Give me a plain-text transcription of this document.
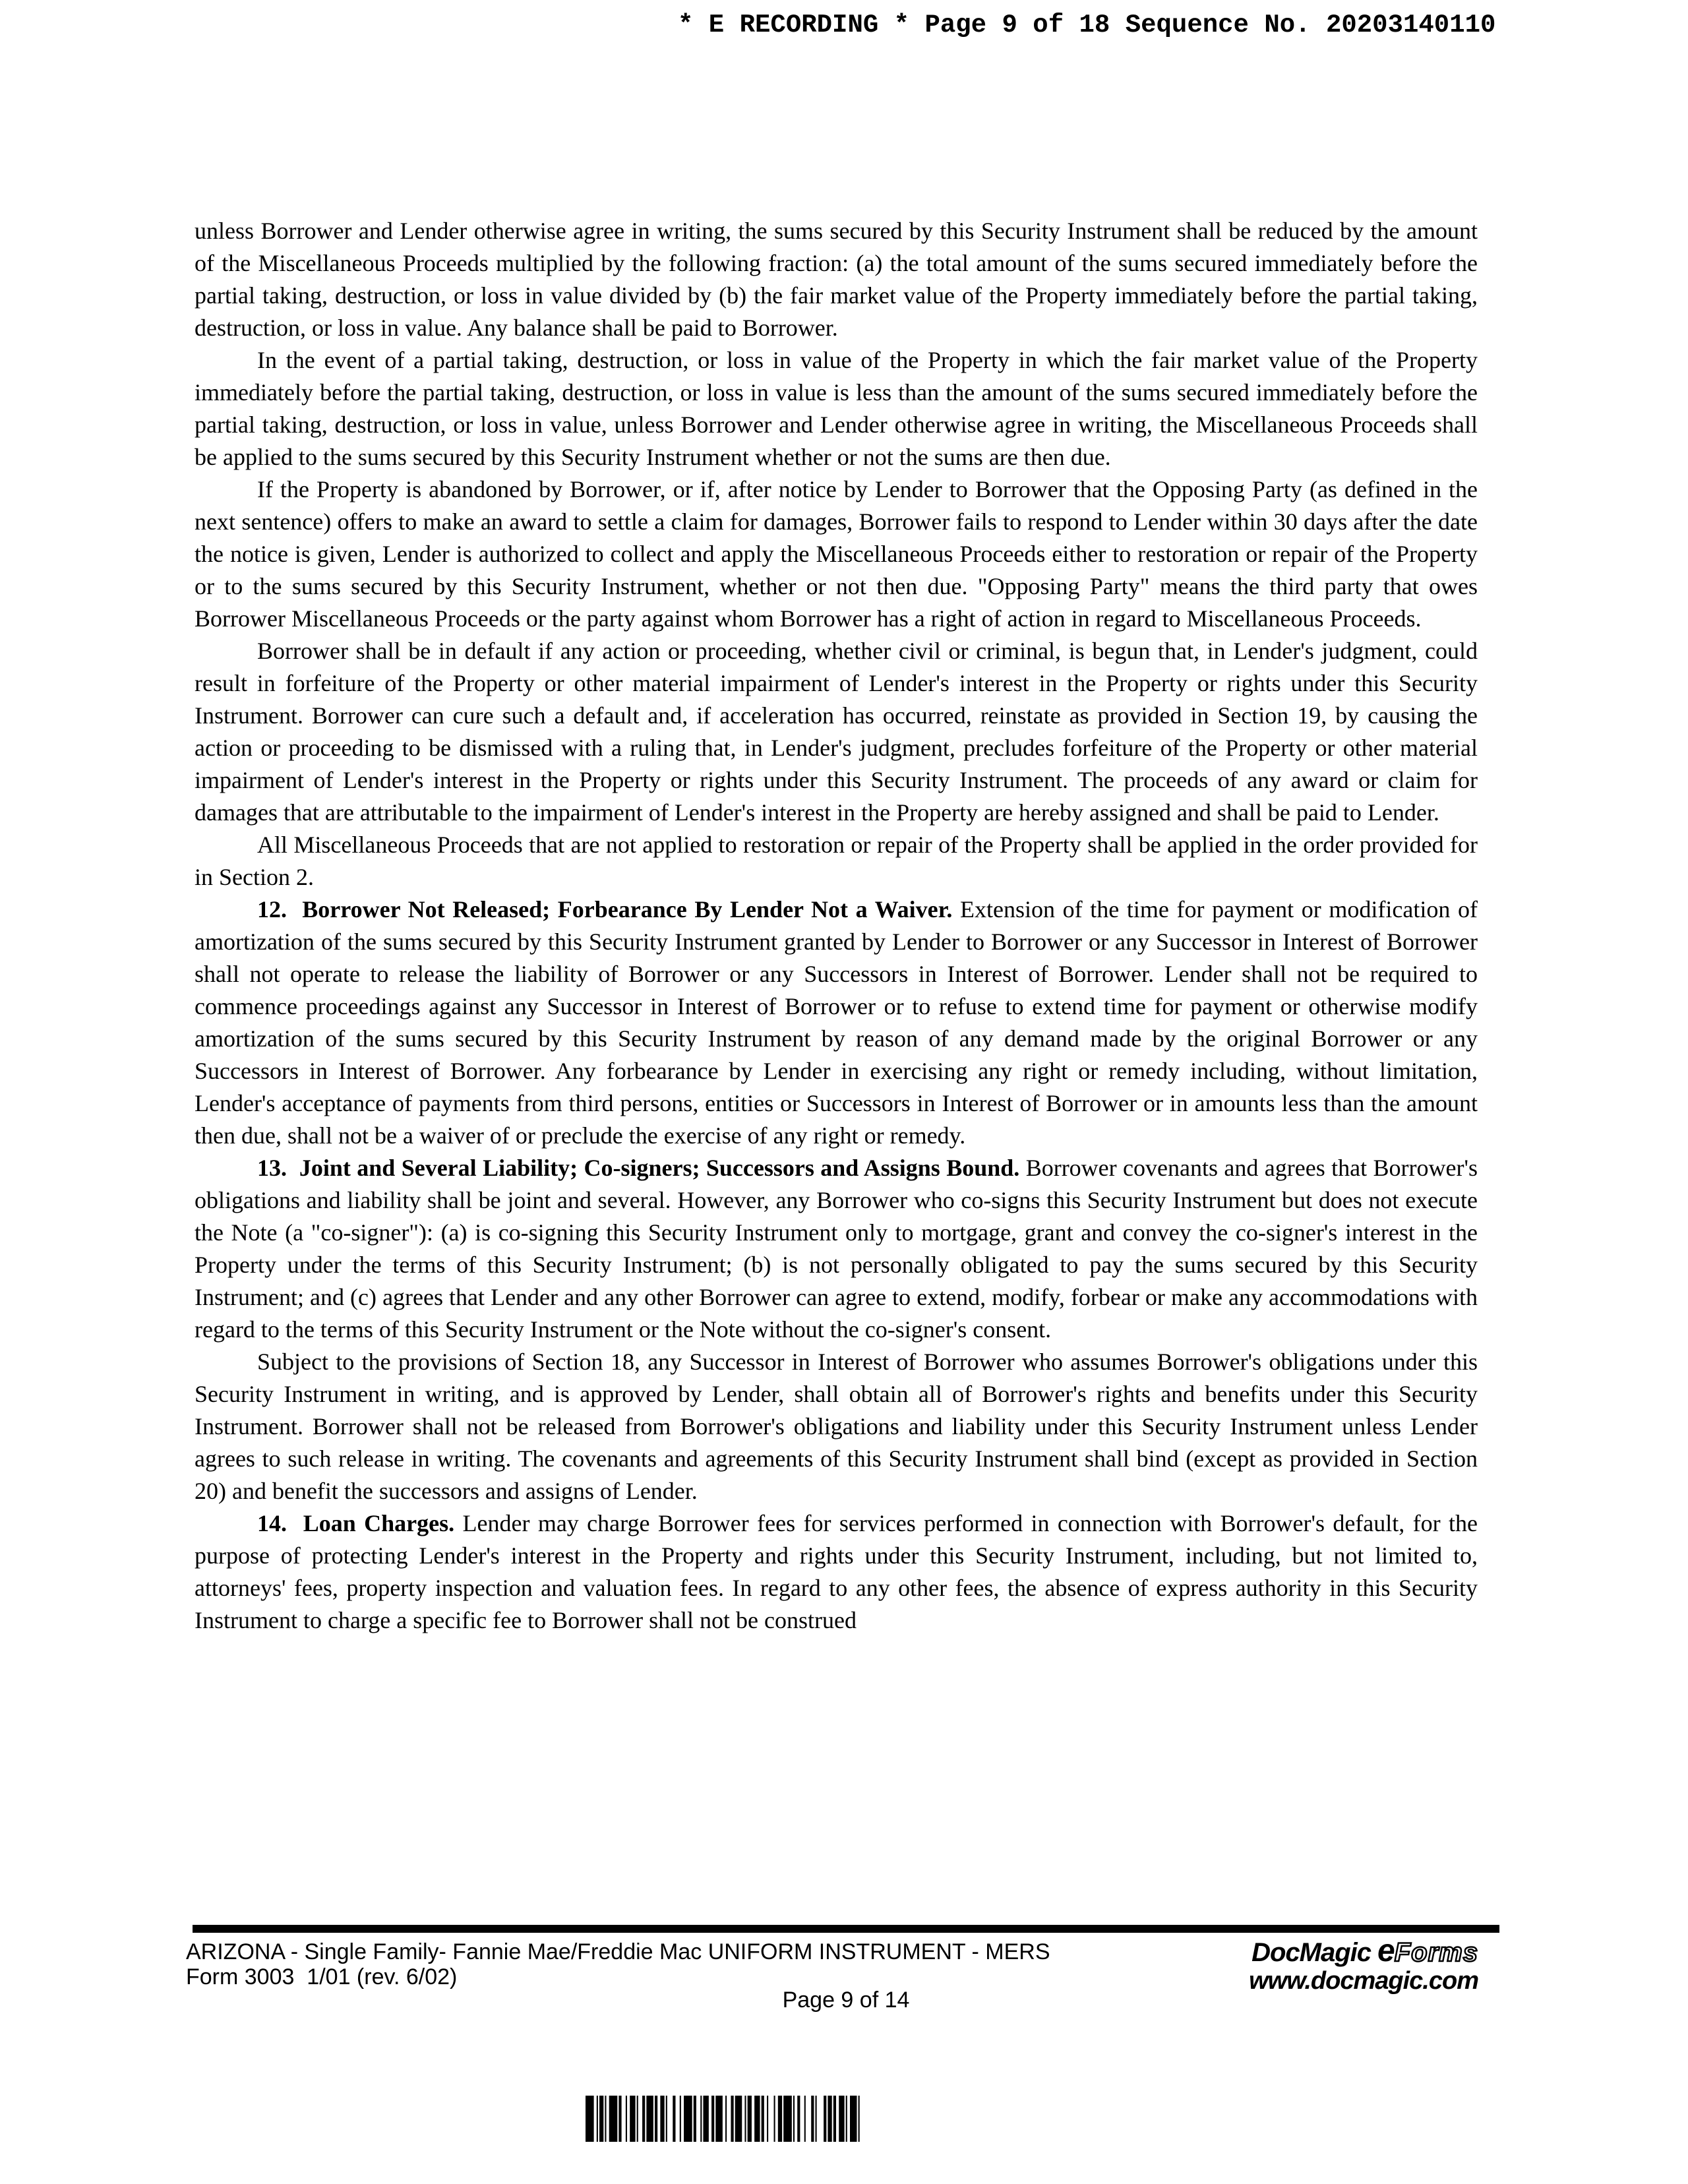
* E RECORDING * Page 9 of 18 Sequence No. 20203140110

unless Borrower and Lender otherwise agree in writing, the sums secured by this Security Instrument shall be reduced by the amount of the Miscellaneous Proceeds multiplied by the following fraction: (a) the total amount of the sums secured immediately before the partial taking, destruction, or loss in value divided by (b) the fair market value of the Property immediately before the partial taking, destruction, or loss in value. Any balance shall be paid to Borrower.

In the event of a partial taking, destruction, or loss in value of the Property in which the fair market value of the Property immediately before the partial taking, destruction, or loss in value is less than the amount of the sums secured immediately before the partial taking, destruction, or loss in value, unless Borrower and Lender otherwise agree in writing, the Miscellaneous Proceeds shall be applied to the sums secured by this Security Instrument whether or not the sums are then due.

If the Property is abandoned by Borrower, or if, after notice by Lender to Borrower that the Opposing Party (as defined in the next sentence) offers to make an award to settle a claim for damages, Borrower fails to respond to Lender within 30 days after the date the notice is given, Lender is authorized to collect and apply the Miscellaneous Proceeds either to restoration or repair of the Property or to the sums secured by this Security Instrument, whether or not then due. "Opposing Party" means the third party that owes Borrower Miscellaneous Proceeds or the party against whom Borrower has a right of action in regard to Miscellaneous Proceeds.

Borrower shall be in default if any action or proceeding, whether civil or criminal, is begun that, in Lender's judgment, could result in forfeiture of the Property or other material impairment of Lender's interest in the Property or rights under this Security Instrument. Borrower can cure such a default and, if acceleration has occurred, reinstate as provided in Section 19, by causing the action or proceeding to be dismissed with a ruling that, in Lender's judgment, precludes forfeiture of the Property or other material impairment of Lender's interest in the Property or rights under this Security Instrument. The proceeds of any award or claim for damages that are attributable to the impairment of Lender's interest in the Property are hereby assigned and shall be paid to Lender.

All Miscellaneous Proceeds that are not applied to restoration or repair of the Property shall be applied in the order provided for in Section 2.

12.  Borrower Not Released; Forbearance By Lender Not a Waiver. Extension of the time for payment or modification of amortization of the sums secured by this Security Instrument granted by Lender to Borrower or any Successor in Interest of Borrower shall not operate to release the liability of Borrower or any Successors in Interest of Borrower. Lender shall not be required to commence proceedings against any Successor in Interest of Borrower or to refuse to extend time for payment or otherwise modify amortization of the sums secured by this Security Instrument by reason of any demand made by the original Borrower or any Successors in Interest of Borrower. Any forbearance by Lender in exercising any right or remedy including, without limitation, Lender's acceptance of payments from third persons, entities or Successors in Interest of Borrower or in amounts less than the amount then due, shall not be a waiver of or preclude the exercise of any right or remedy.

13.  Joint and Several Liability; Co-signers; Successors and Assigns Bound. Borrower covenants and agrees that Borrower's obligations and liability shall be joint and several. However, any Borrower who co-signs this Security Instrument but does not execute the Note (a "co-signer"): (a) is co-signing this Security Instrument only to mortgage, grant and convey the co-signer's interest in the Property under the terms of this Security Instrument; (b) is not personally obligated to pay the sums secured by this Security Instrument; and (c) agrees that Lender and any other Borrower can agree to extend, modify, forbear or make any accommodations with regard to the terms of this Security Instrument or the Note without the co-signer's consent.

Subject to the provisions of Section 18, any Successor in Interest of Borrower who assumes Borrower's obligations under this Security Instrument in writing, and is approved by Lender, shall obtain all of Borrower's rights and benefits under this Security Instrument. Borrower shall not be released from Borrower's obligations and liability under this Security Instrument unless Lender agrees to such release in writing. The covenants and agreements of this Security Instrument shall bind (except as provided in Section 20) and benefit the successors and assigns of Lender.

14.  Loan Charges. Lender may charge Borrower fees for services performed in connection with Borrower's default, for the purpose of protecting Lender's interest in the Property and rights under this Security Instrument, including, but not limited to, attorneys' fees, property inspection and valuation fees. In regard to any other fees, the absence of express authority in this Security Instrument to charge a specific fee to Borrower shall not be construed

ARIZONA - Single Family- Fannie Mae/Freddie Mac UNIFORM INSTRUMENT - MERS
Form 3003  1/01 (rev. 6/02)
DocMagic eForms
www.docmagic.com
Page 9 of 14
